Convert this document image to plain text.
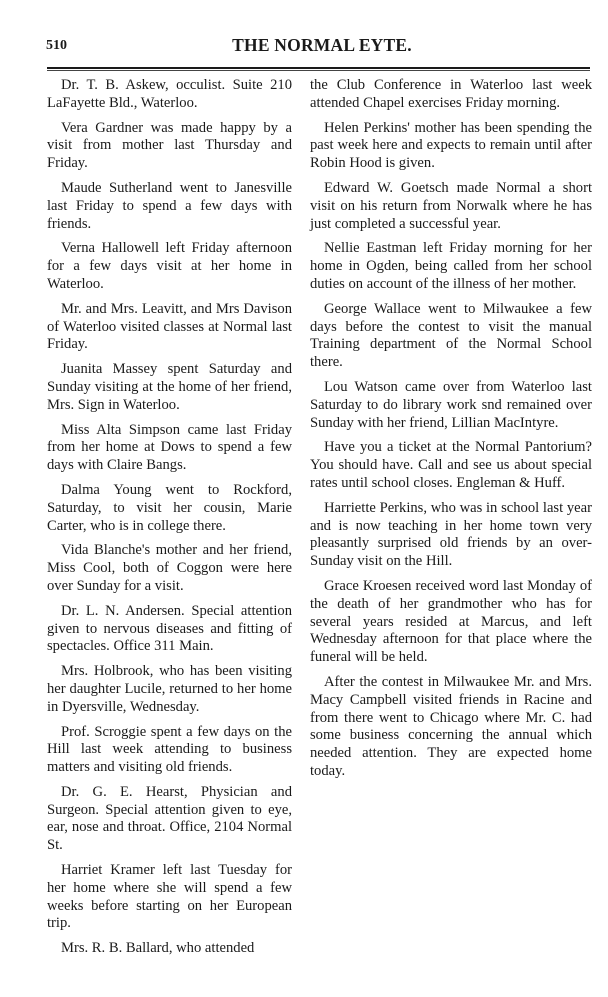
510	THE NORMAL EYTE.

Dr. T. B. Askew, occulist. Suite 210 LaFayette Bld., Waterloo.

Vera Gardner was made happy by a visit from mother last Thursday and Friday.

Maude Sutherland went to Janesville last Friday to spend a few days with friends.

Verna Hallowell left Friday afternoon for a few days visit at her home in Waterloo.

Mr. and Mrs. Leavitt, and Mrs Davison of Waterloo visited classes at Normal last Friday.

Juanita Massey spent Saturday and Sunday visiting at the home of her friend, Mrs. Sign in Waterloo.

Miss Alta Simpson came last Friday from her home at Dows to spend a few days with Claire Bangs.

Dalma Young went to Rockford, Saturday, to visit her cousin, Marie Carter, who is in college there.

Vida Blanche's mother and her friend, Miss Cool, both of Coggon were here over Sunday for a visit.

Dr. L. N. Andersen. Special attention given to nervous diseases and fitting of spectacles. Office 311 Main.

Mrs. Holbrook, who has been visiting her daughter Lucile, returned to her home in Dyersville, Wednesday.

Prof. Scroggie spent a few days on the Hill last week attending to business matters and visiting old friends.

Dr. G. E. Hearst, Physician and Surgeon. Special attention given to eye, ear, nose and throat. Office, 2104 Normal St.

Harriet Kramer left last Tuesday for her home where she will spend a few weeks before starting on her European trip.

Mrs. R. B. Ballard, who attended

the Club Conference in Waterloo last week attended Chapel exercises Friday morning.

Helen Perkins' mother has been spending the past week here and expects to remain until after Robin Hood is given.

Edward W. Goetsch made Normal a short visit on his return from Norwalk where he has just completed a successful year.

Nellie Eastman left Friday morning for her home in Ogden, being called from her school duties on account of the illness of her mother.

George Wallace went to Milwaukee a few days before the contest to visit the manual Training department of the Normal School there.

Lou Watson came over from Waterloo last Saturday to do library work snd remained over Sunday with her friend, Lillian MacIntyre.

Have you a ticket at the Normal Pantorium? You should have. Call and see us about special rates until school closes. Engleman & Huff.

Harriette Perkins, who was in school last year and is now teaching in her home town very pleasantly surprised old friends by an over-Sunday visit on the Hill.

Grace Kroesen received word last Monday of the death of her grandmother who has for several years resided at Marcus, and left Wednesday afternoon for that place where the funeral will be held.

After the contest in Milwaukee Mr. and Mrs. Macy Campbell visited friends in Racine and from there went to Chicago where Mr. C. had some business concerning the annual which needed attention. They are expected home today.
